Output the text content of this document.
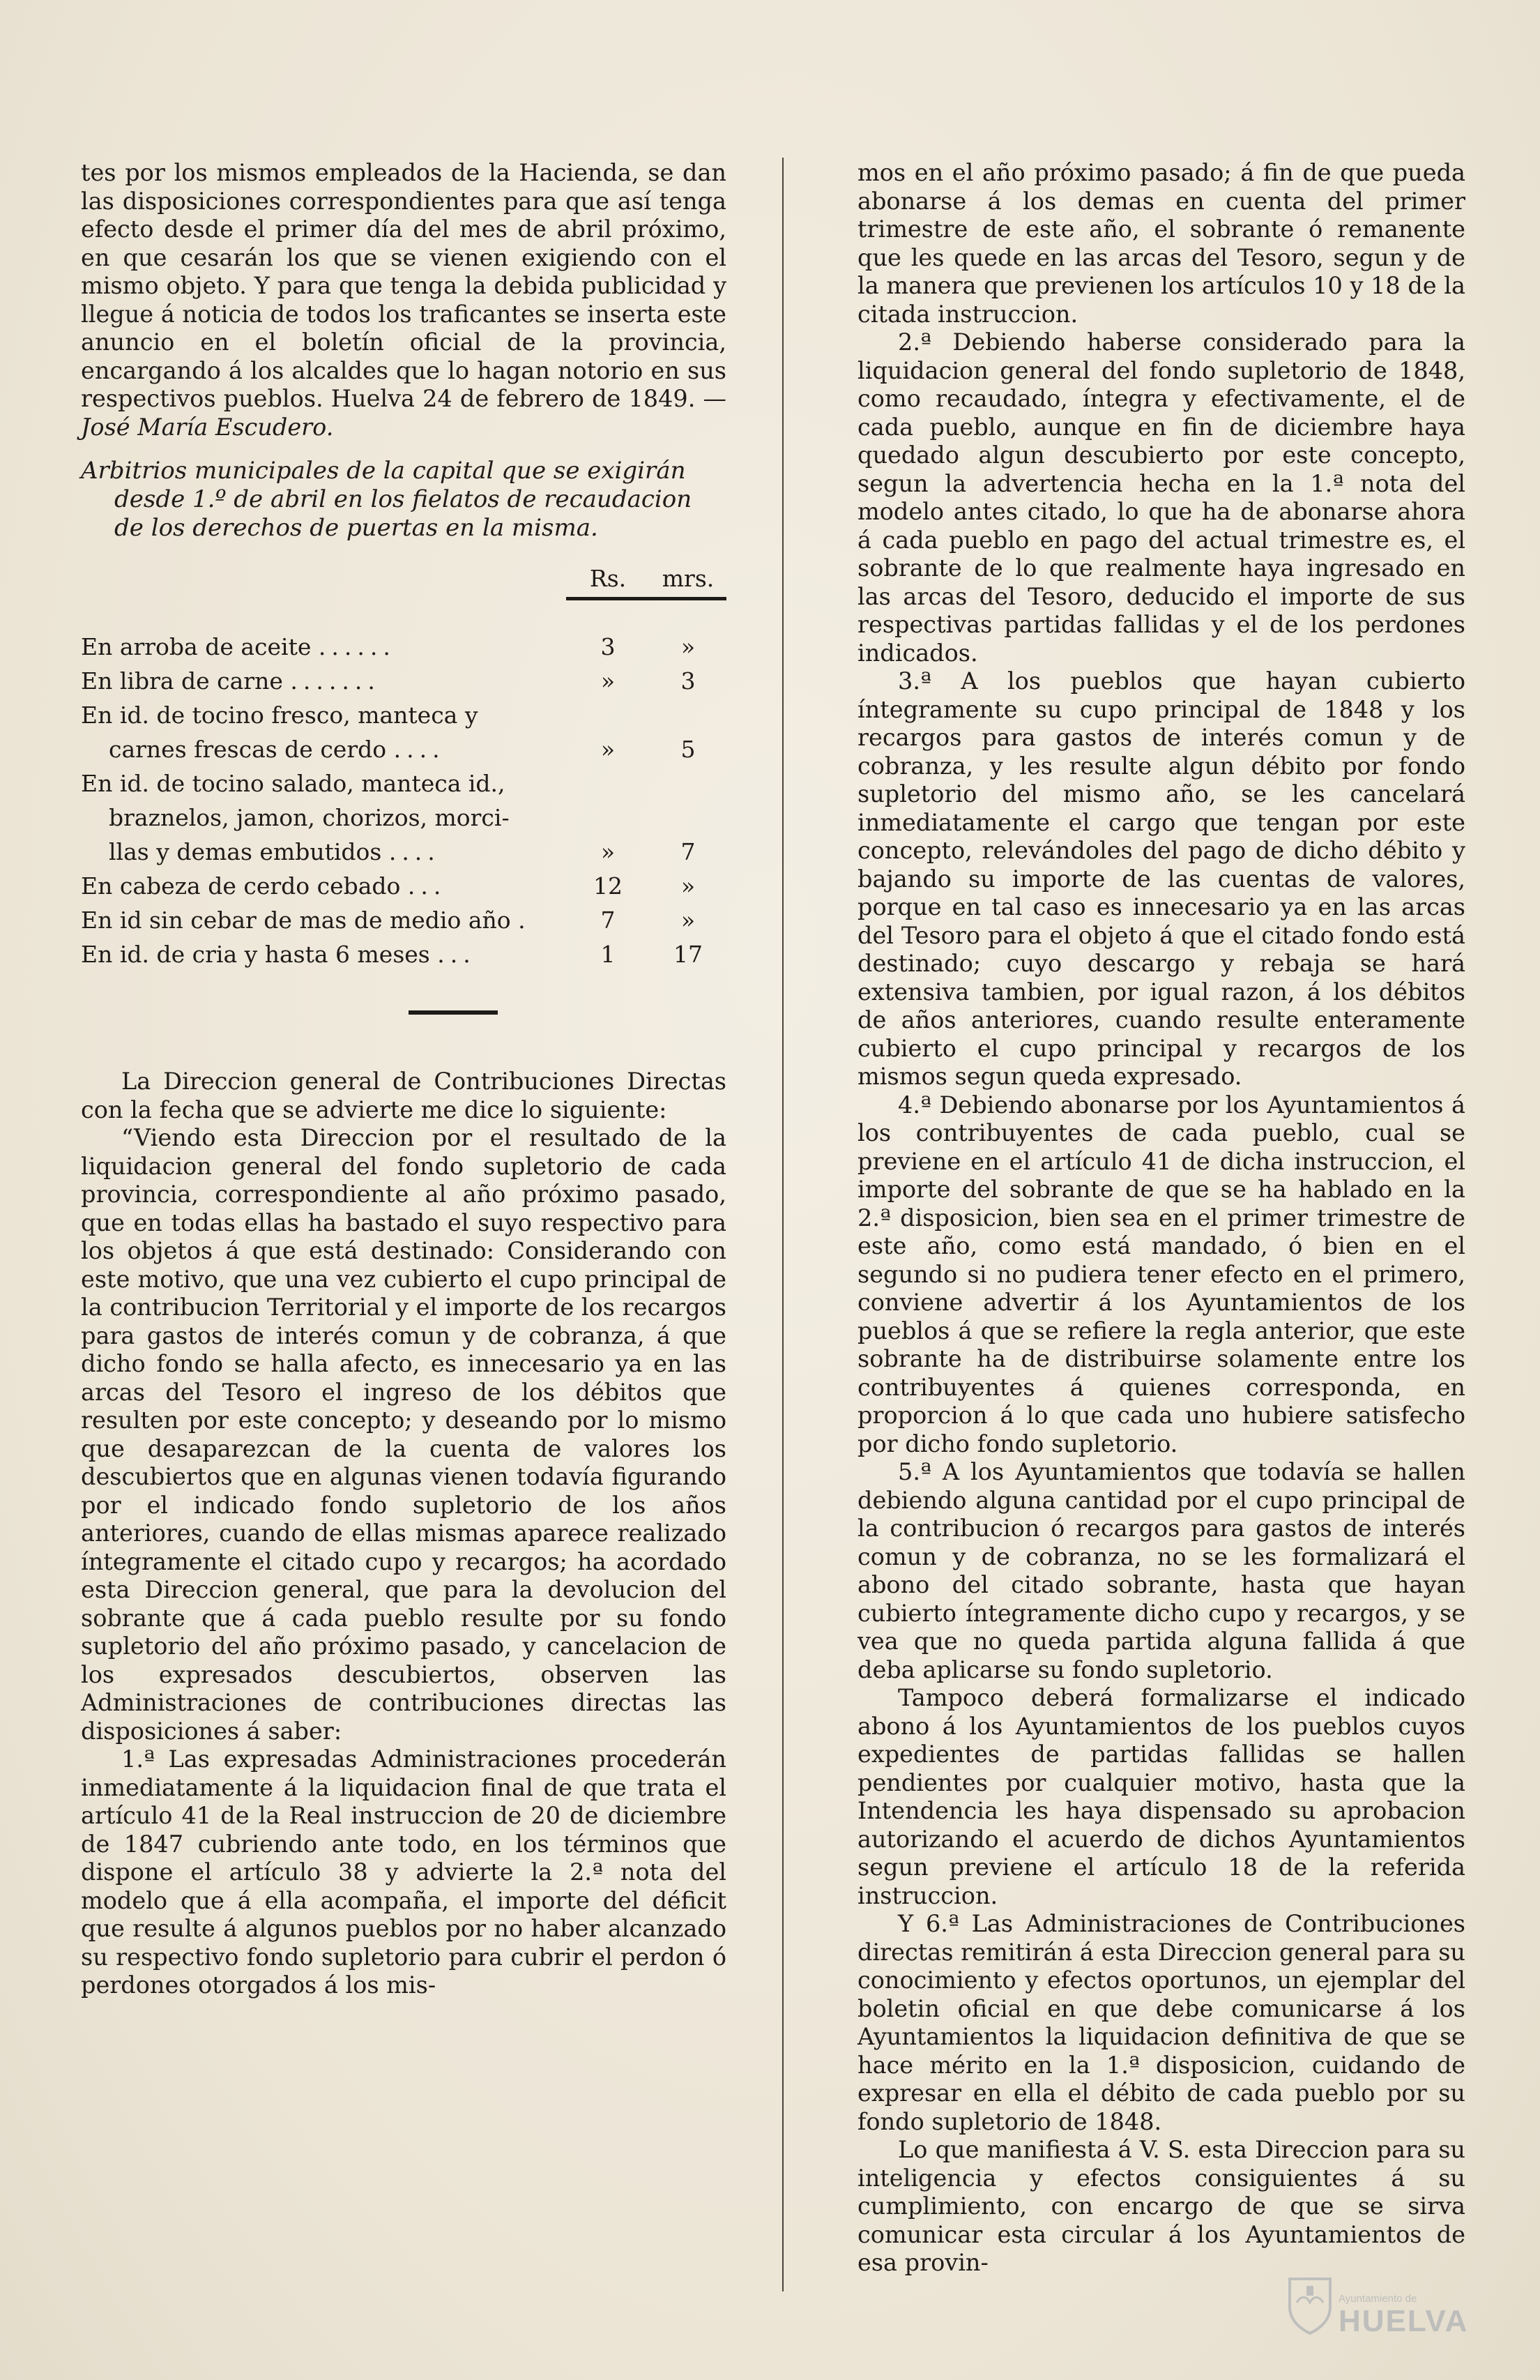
tes por los mismos empleados de la Hacienda, se dan las disposiciones correspondientes para que así tenga efecto desde el primer día del mes de abril próximo, en que cesarán los que se vienen exigiendo con el mismo objeto. Y para que tenga la debida publicidad y llegue á noticia de todos los traficantes se inserta este anuncio en el boletín oficial de la provincia, encargando á los alcaldes que lo hagan notorio en sus respectivos pueblos. Huelva 24 de febrero de 1849. —José María Escudero.

Arbitrios municipales de la capital que se exigirán
desde 1.º de abril en los fielatos de recaudacion
de los derechos de puertas en la misma.
Rs.	mrs.
En arroba de aceite ......	3	»
En libra de carne .......	»	3
En id. de tocino fresco, manteca y
carnes frescas de cerdo ....	»	5
En id. de tocino salado, manteca id.,
braznelos, jamon, chorizos, morci-
llas y demas embutidos ....	»	7
En cabeza de cerdo cebado ...	12	»
En id sin cebar de mas de medio año .	7	»
En id. de cria y hasta 6 meses ...	1	17

La Direccion general de Contribuciones Directas con la fecha que se advierte me dice lo siguiente:

“Viendo esta Direccion por el resultado de la liquidacion general del fondo supletorio de cada provincia, correspondiente al año próximo pasado, que en todas ellas ha bastado el suyo respectivo para los objetos á que está destinado: Considerando con este motivo, que una vez cubierto el cupo principal de la contribucion Territorial y el importe de los recargos para gastos de interés comun y de cobranza, á que dicho fondo se halla afecto, es innecesario ya en las arcas del Tesoro el ingreso de los débitos que resulten por este concepto; y deseando por lo mismo que desaparezcan de la cuenta de valores los descubiertos que en algunas vienen todavía figurando por el indicado fondo supletorio de los años anteriores, cuando de ellas mismas aparece realizado íntegramente el citado cupo y recargos; ha acordado esta Direccion general, que para la devolucion del sobrante que á cada pueblo resulte por su fondo supletorio del año próximo pasado, y cancelacion de los expresados descubiertos, observen las Administraciones de contribuciones directas las disposiciones á saber:

1.ª Las expresadas Administraciones procederán inmediatamente á la liquidacion final de que trata el artículo 41 de la Real instruccion de 20 de diciembre de 1847 cubriendo ante todo, en los términos que dispone el artículo 38 y advierte la 2.ª nota del modelo que á ella acompaña, el importe del déficit que resulte á algunos pueblos por no haber alcanzado su respectivo fondo supletorio para cubrir el perdon ó perdones otorgados á los mis-

mos en el año próximo pasado; á fin de que pueda abonarse á los demas en cuenta del primer trimestre de este año, el sobrante ó remanente que les quede en las arcas del Tesoro, segun y de la manera que previenen los artículos 10 y 18 de la citada instruccion.

2.ª Debiendo haberse considerado para la liquidacion general del fondo supletorio de 1848, como recaudado, íntegra y efectivamente, el de cada pueblo, aunque en fin de diciembre haya quedado algun descubierto por este concepto, segun la advertencia hecha en la 1.ª nota del modelo antes citado, lo que ha de abonarse ahora á cada pueblo en pago del actual trimestre es, el sobrante de lo que realmente haya ingresado en las arcas del Tesoro, deducido el importe de sus respectivas partidas fallidas y el de los perdones indicados.

3.ª A los pueblos que hayan cubierto íntegramente su cupo principal de 1848 y los recargos para gastos de interés comun y de cobranza, y les resulte algun débito por fondo supletorio del mismo año, se les cancelará inmediatamente el cargo que tengan por este concepto, relevándoles del pago de dicho débito y bajando su importe de las cuentas de valores, porque en tal caso es innecesario ya en las arcas del Tesoro para el objeto á que el citado fondo está destinado; cuyo descargo y rebaja se hará extensiva tambien, por igual razon, á los débitos de años anteriores, cuando resulte enteramente cubierto el cupo principal y recargos de los mismos segun queda expresado.

4.ª Debiendo abonarse por los Ayuntamientos á los contribuyentes de cada pueblo, cual se previene en el artículo 41 de dicha instruccion, el importe del sobrante de que se ha hablado en la 2.ª disposicion, bien sea en el primer trimestre de este año, como está mandado, ó bien en el segundo si no pudiera tener efecto en el primero, conviene advertir á los Ayuntamientos de los pueblos á que se refiere la regla anterior, que este sobrante ha de distribuirse solamente entre los contribuyentes á quienes corresponda, en proporcion á lo que cada uno hubiere satisfecho por dicho fondo supletorio.

5.ª A los Ayuntamientos que todavía se hallen debiendo alguna cantidad por el cupo principal de la contribucion ó recargos para gastos de interés comun y de cobranza, no se les formalizará el abono del citado sobrante, hasta que hayan cubierto íntegramente dicho cupo y recargos, y se vea que no queda partida alguna fallida á que deba aplicarse su fondo supletorio.

Tampoco deberá formalizarse el indicado abono á los Ayuntamientos de los pueblos cuyos expedientes de partidas fallidas se hallen pendientes por cualquier motivo, hasta que la Intendencia les haya dispensado su aprobacion autorizando el acuerdo de dichos Ayuntamientos segun previene el artículo 18 de la referida instruccion.

Y 6.ª Las Administraciones de Contribuciones directas remitirán á esta Direccion general para su conocimiento y efectos oportunos, un ejemplar del boletin oficial en que debe comunicarse á los Ayuntamientos la liquidacion definitiva de que se hace mérito en la 1.ª disposicion, cuidando de expresar en ella el débito de cada pueblo por su fondo supletorio de 1848.

Lo que manifiesta á V. S. esta Direccion para su inteligencia y efectos consiguientes á su cumplimiento, con encargo de que se sirva comunicar esta circular á los Ayuntamientos de esa provin-

Ayuntamiento de
HUELVA
